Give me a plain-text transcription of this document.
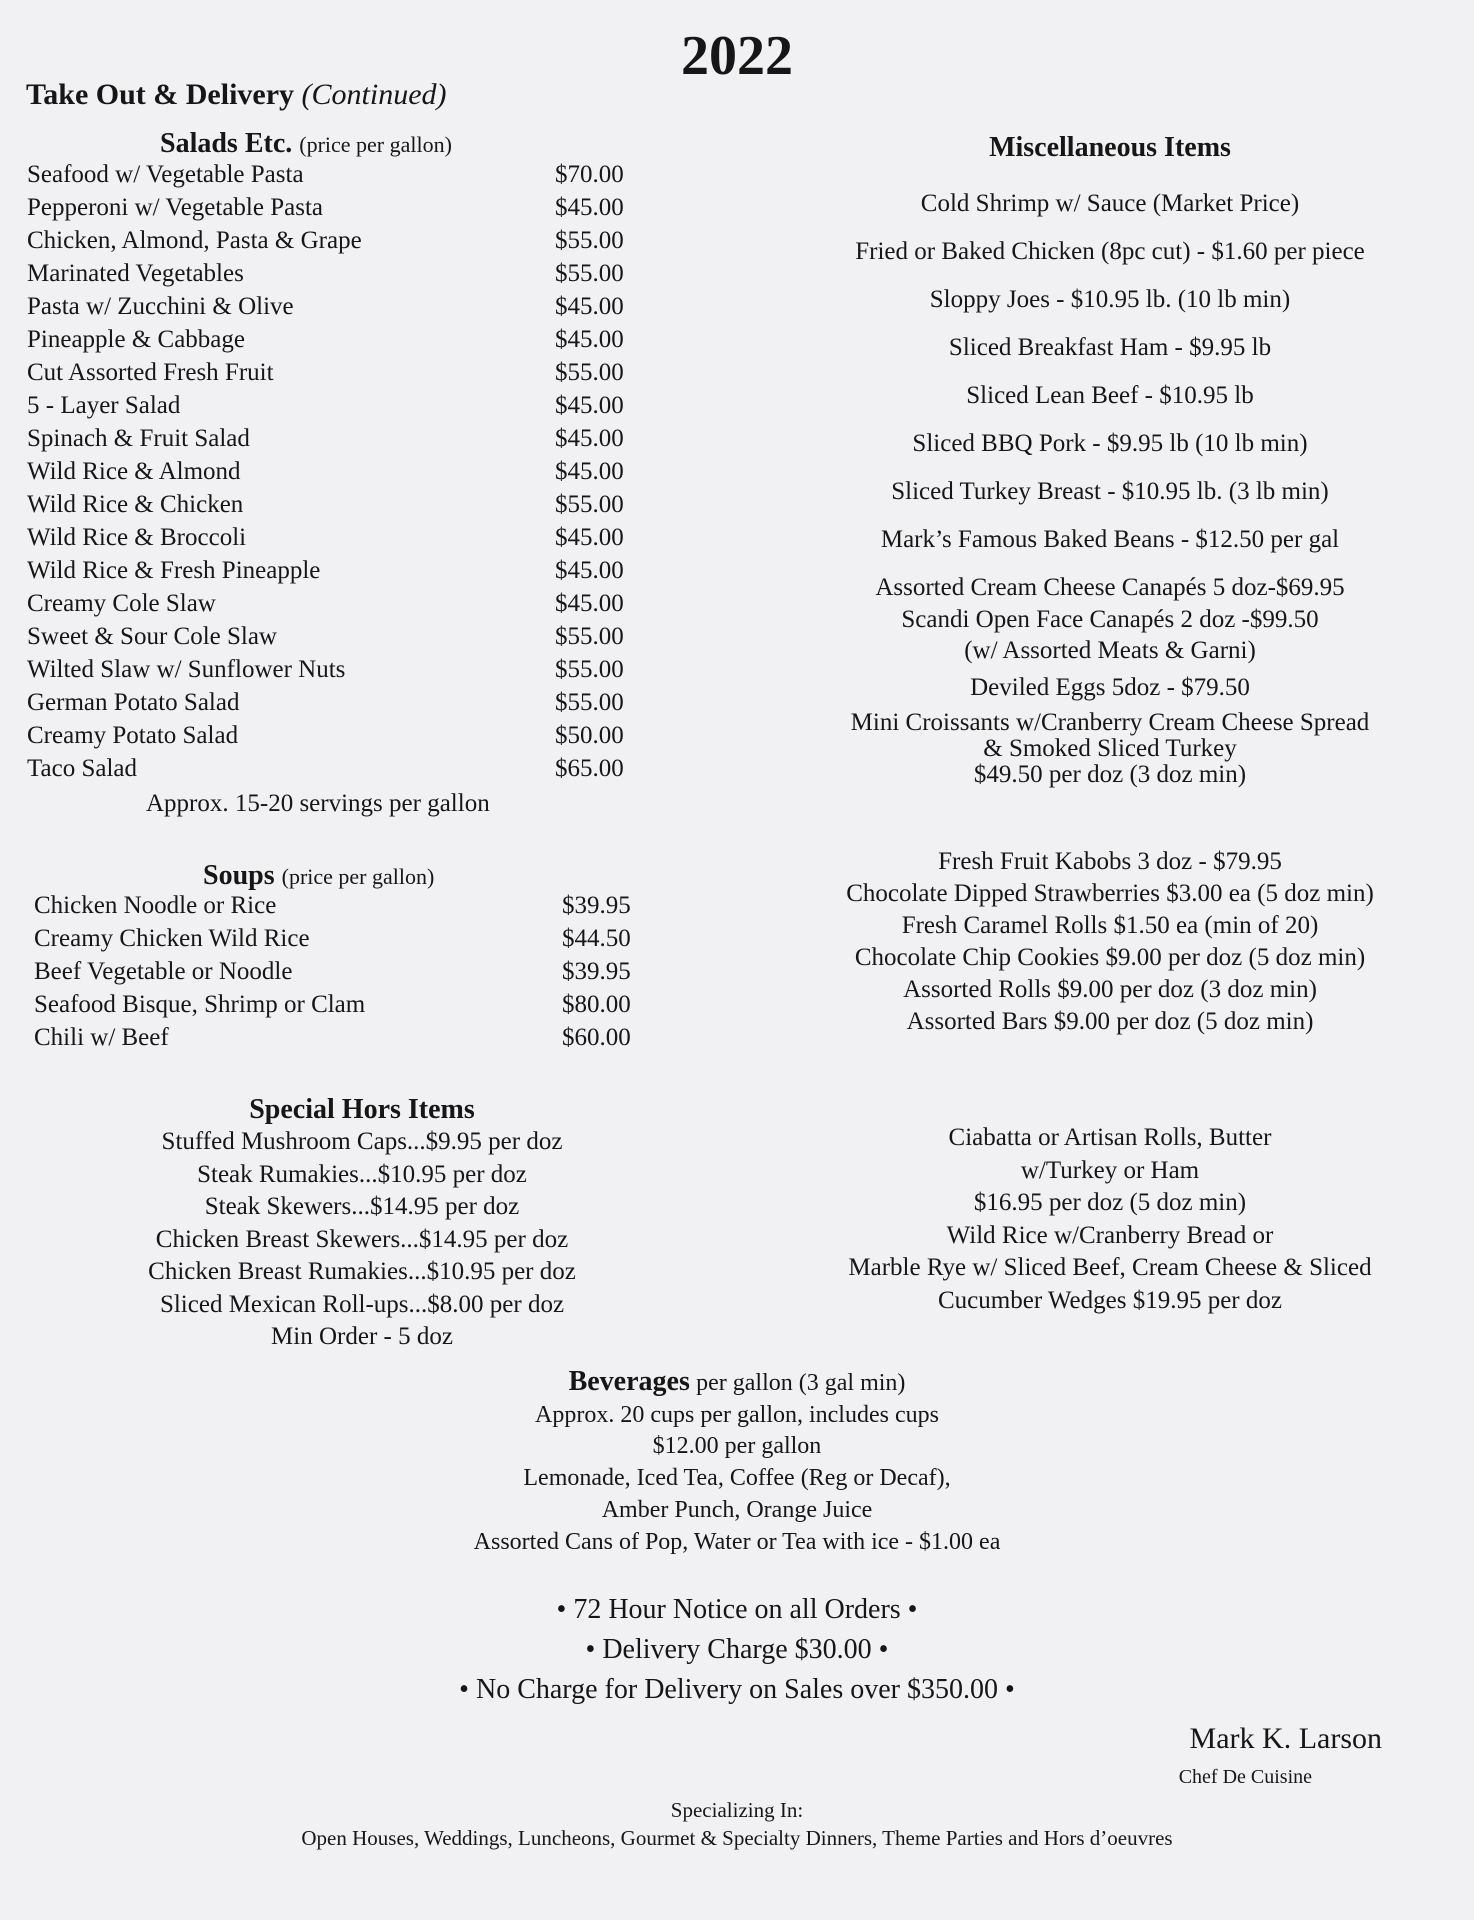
2022
Take Out & Delivery (Continued)
Salads Etc. (price per gallon)
Seafood w/ Vegetable Pasta	$70.00
Pepperoni w/ Vegetable Pasta	$45.00
Chicken, Almond, Pasta & Grape	$55.00
Marinated Vegetables	$55.00
Pasta w/ Zucchini & Olive	$45.00
Pineapple & Cabbage	$45.00
Cut Assorted Fresh Fruit	$55.00
5 - Layer Salad	$45.00
Spinach & Fruit Salad	$45.00
Wild Rice & Almond	$45.00
Wild Rice & Chicken	$55.00
Wild Rice & Broccoli	$45.00
Wild Rice & Fresh Pineapple	$45.00
Creamy Cole Slaw	$45.00
Sweet & Sour Cole Slaw	$55.00
Wilted Slaw w/ Sunflower Nuts	$55.00
German Potato Salad	$55.00
Creamy Potato Salad	$50.00
Taco Salad	$65.00
Approx. 15-20 servings per gallon
Soups (price per gallon)
Chicken Noodle or Rice	$39.95
Creamy Chicken Wild Rice	$44.50
Beef Vegetable or Noodle	$39.95
Seafood Bisque, Shrimp or Clam	$80.00
Chili w/ Beef	$60.00
Special Hors Items
Stuffed Mushroom Caps...$9.95 per doz
Steak Rumakies...$10.95 per doz
Steak Skewers...$14.95 per doz
Chicken Breast Skewers...$14.95 per doz
Chicken Breast Rumakies...$10.95 per doz
Sliced Mexican Roll-ups...$8.00 per doz
Min Order - 5 doz
Miscellaneous Items
Cold Shrimp w/ Sauce (Market Price)
Fried or Baked Chicken (8pc cut) - $1.60 per piece
Sloppy Joes - $10.95 lb. (10 lb min)
Sliced Breakfast Ham - $9.95 lb
Sliced Lean Beef - $10.95 lb
Sliced BBQ Pork - $9.95 lb (10 lb min)
Sliced Turkey Breast - $10.95 lb. (3 lb min)
Mark’s Famous Baked Beans - $12.50 per gal
Assorted Cream Cheese Canapés 5 doz-$69.95
Scandi Open Face Canapés 2 doz -$99.50
(w/ Assorted Meats & Garni)
Deviled Eggs 5doz - $79.50
Mini Croissants w/Cranberry Cream Cheese Spread
& Smoked Sliced Turkey
$49.50 per doz (3 doz min)
Fresh Fruit Kabobs 3 doz - $79.95
Chocolate Dipped Strawberries $3.00 ea (5 doz min)
Fresh Caramel Rolls $1.50 ea (min of 20)
Chocolate Chip Cookies $9.00 per doz (5 doz min)
Assorted Rolls $9.00 per doz (3 doz min)
Assorted Bars $9.00 per doz (5 doz min)
Ciabatta or Artisan Rolls, Butter
w/Turkey or Ham
$16.95 per doz (5 doz min)
Wild Rice w/Cranberry Bread or
Marble Rye w/ Sliced Beef, Cream Cheese & Sliced
Cucumber Wedges $19.95 per doz
Beverages per gallon (3 gal min)
Approx. 20 cups per gallon, includes cups
$12.00 per gallon
Lemonade, Iced Tea, Coffee (Reg or Decaf),
Amber Punch, Orange Juice
Assorted Cans of Pop, Water or Tea with ice - $1.00 ea
• 72 Hour Notice on all Orders •
• Delivery Charge $30.00 •
• No Charge for Delivery on Sales over $350.00 •
Mark K. Larson
Chef De Cuisine
Specializing In:
Open Houses, Weddings, Luncheons, Gourmet & Specialty Dinners, Theme Parties and Hors d’oeuvres
